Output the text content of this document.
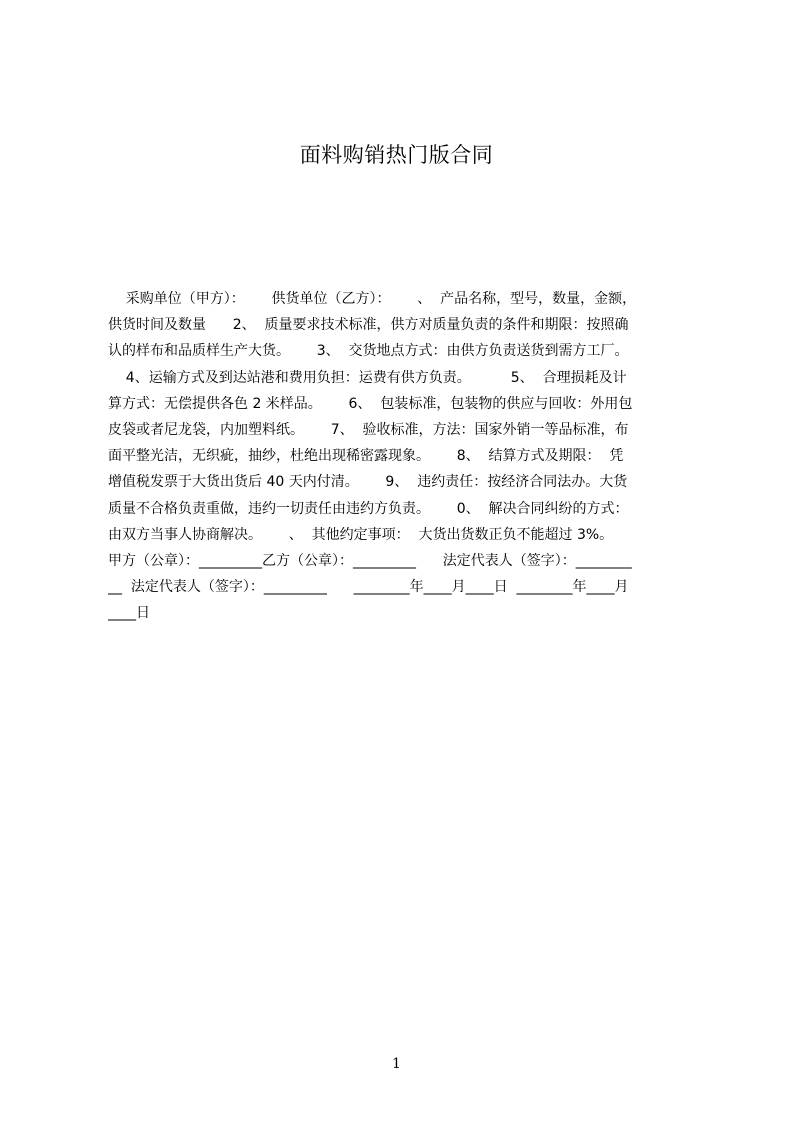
面料购销热门版合同
采购单位（甲方）：      供货单位（乙方）：      、  产品名称，型号，数量，金额，
供货时间及数量      2、  质量要求技术标准，供方对质量负责的条件和期限：按照确
认的样布和品质样生产大货。      3、  交货地点方式：由供方负责送货到需方工厂。
4、运输方式及到达站港和费用负担：运费有供方负责。         5、  合理损耗及计
算方式：无偿提供各色 2 米样品。      6、  包装标准，包装物的供应与回收：外用包
皮袋或者尼龙袋，内加塑料纸。      7、  验收标准，方法：国家外销一等品标准，布
面平整光洁，无织疵，抽纱，杜绝出现稀密露现象。      8、  结算方式及期限：  凭
增值税发票于大货出货后 40 天内付清。      9、  违约责任：按经济合同法办。大货
质量不合格负责重做，违约一切责任由违约方负责。      0、  解决合同纠纷的方式：
由双方当事人协商解决。      、  其他约定事项：  大货出货数正负不能超过 3%。
甲方（公章）：_________乙方（公章）：_________      法定代表人（签字）：________
__  法定代表人（签字）：_________      ________年____月____日  ________年____月
____日
1
